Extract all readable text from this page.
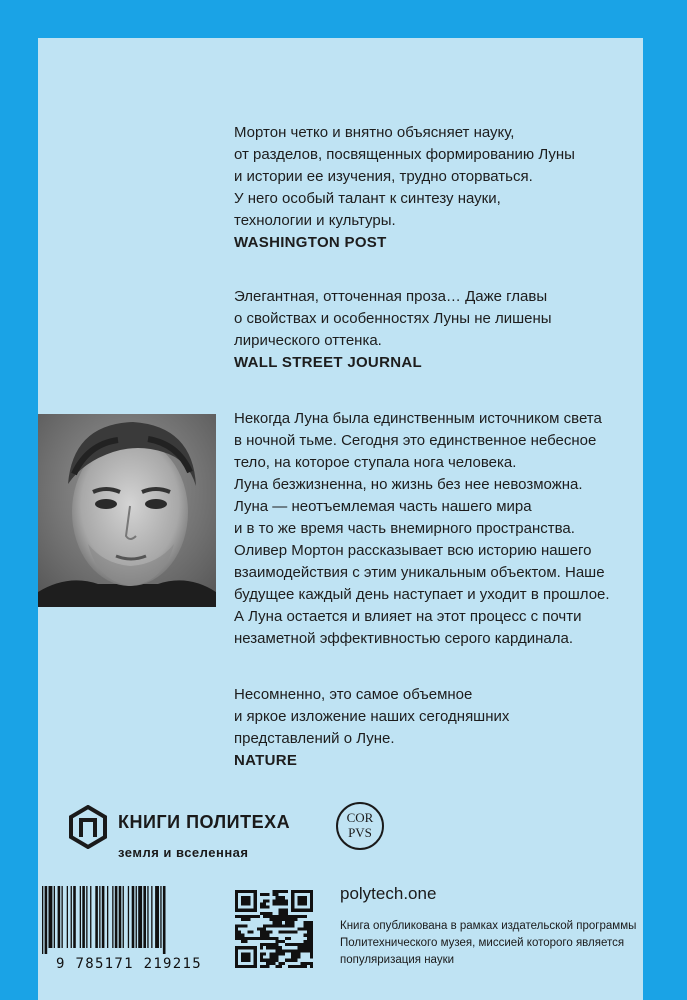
Мортон четко и внятно объясняет науку,
от разделов, посвященных формированию Луны
и истории ее изучения, трудно оторваться.
У него особый талант к синтезу науки,
технологии и культуры.
WASHINGTON POST
Элегантная, отточенная проза… Даже главы
о свойствах и особенностях Луны не лишены
лирического оттенка.
WALL STREET JOURNAL
Некогда Луна была единственным источником света
в ночной тьме. Сегодня это единственное небесное
тело, на которое ступала нога человека.
Луна безжизненна, но жизнь без нее невозможна.
Луна — неотъемлемая часть нашего мира
и в то же время часть внемирного пространства.
Оливер Мортон рассказывает всю историю нашего
взаимодействия с этим уникальным объектом. Наше
будущее каждый день наступает и уходит в прошлое.
А Луна остается и влияет на этот процесс с почти
незаметной эффективностью серого кардинала.
Несомненно, это самое объемное
и яркое изложение наших сегодняшних
представлений о Луне.
NATURE
КНИГИ ПОЛИТЕХА
земля и вселенная
COR
PVS
9 785171 219215
polytech.one
Книга опубликована в рамках издательской программы Политехнического музея, миссией которого является популяризация науки
